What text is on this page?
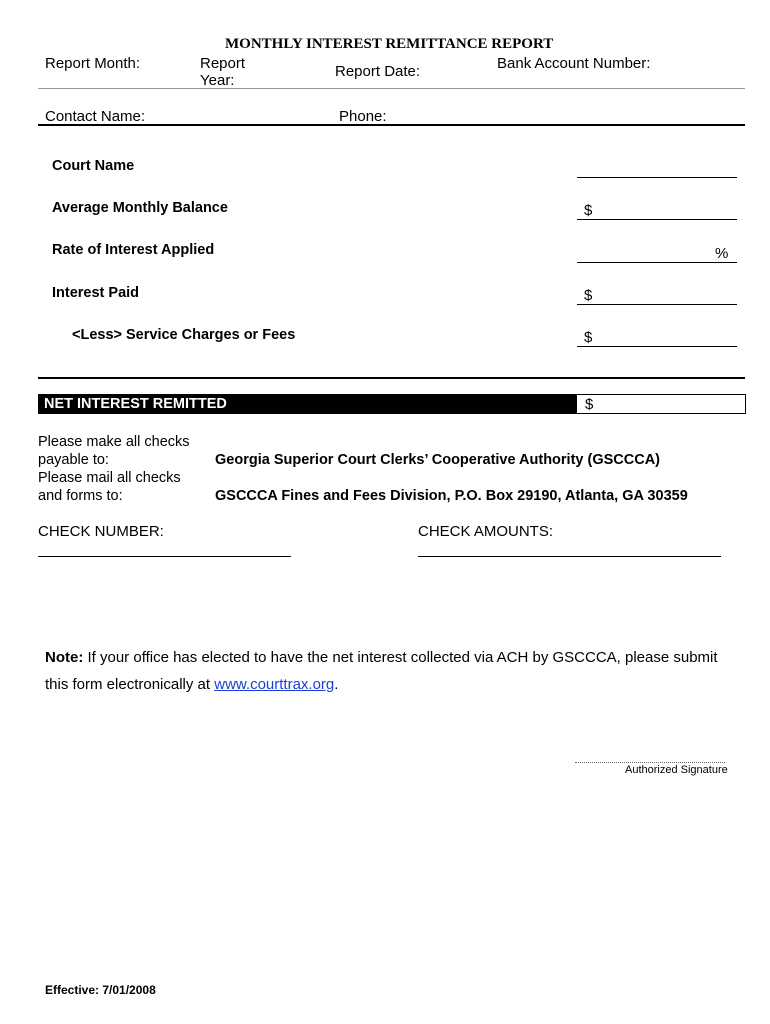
MONTHLY INTEREST REMITTANCE REPORT
Report Month:	Report
Year:
Report Date:	Bank Account Number:
Contact Name:	Phone:
Court Name
Average Monthly Balance	$
Rate of Interest Applied	%
Interest Paid	$
<Less> Service Charges or Fees	$
NET INTEREST REMITTED	$
Please make all checks
payable to:	Georgia Superior Court Clerks’ Cooperative Authority (GSCCCA)
Please mail all checks
and forms to:	GSCCCA Fines and Fees Division, P.O. Box 29190, Atlanta, GA 30359
CHECK NUMBER:	CHECK AMOUNTS:
Note: If your office has elected to have the net interest collected via ACH by GSCCCA, please submit
this form electronically at www.courttrax.org.
Authorized Signature
Effective: 7/01/2008
